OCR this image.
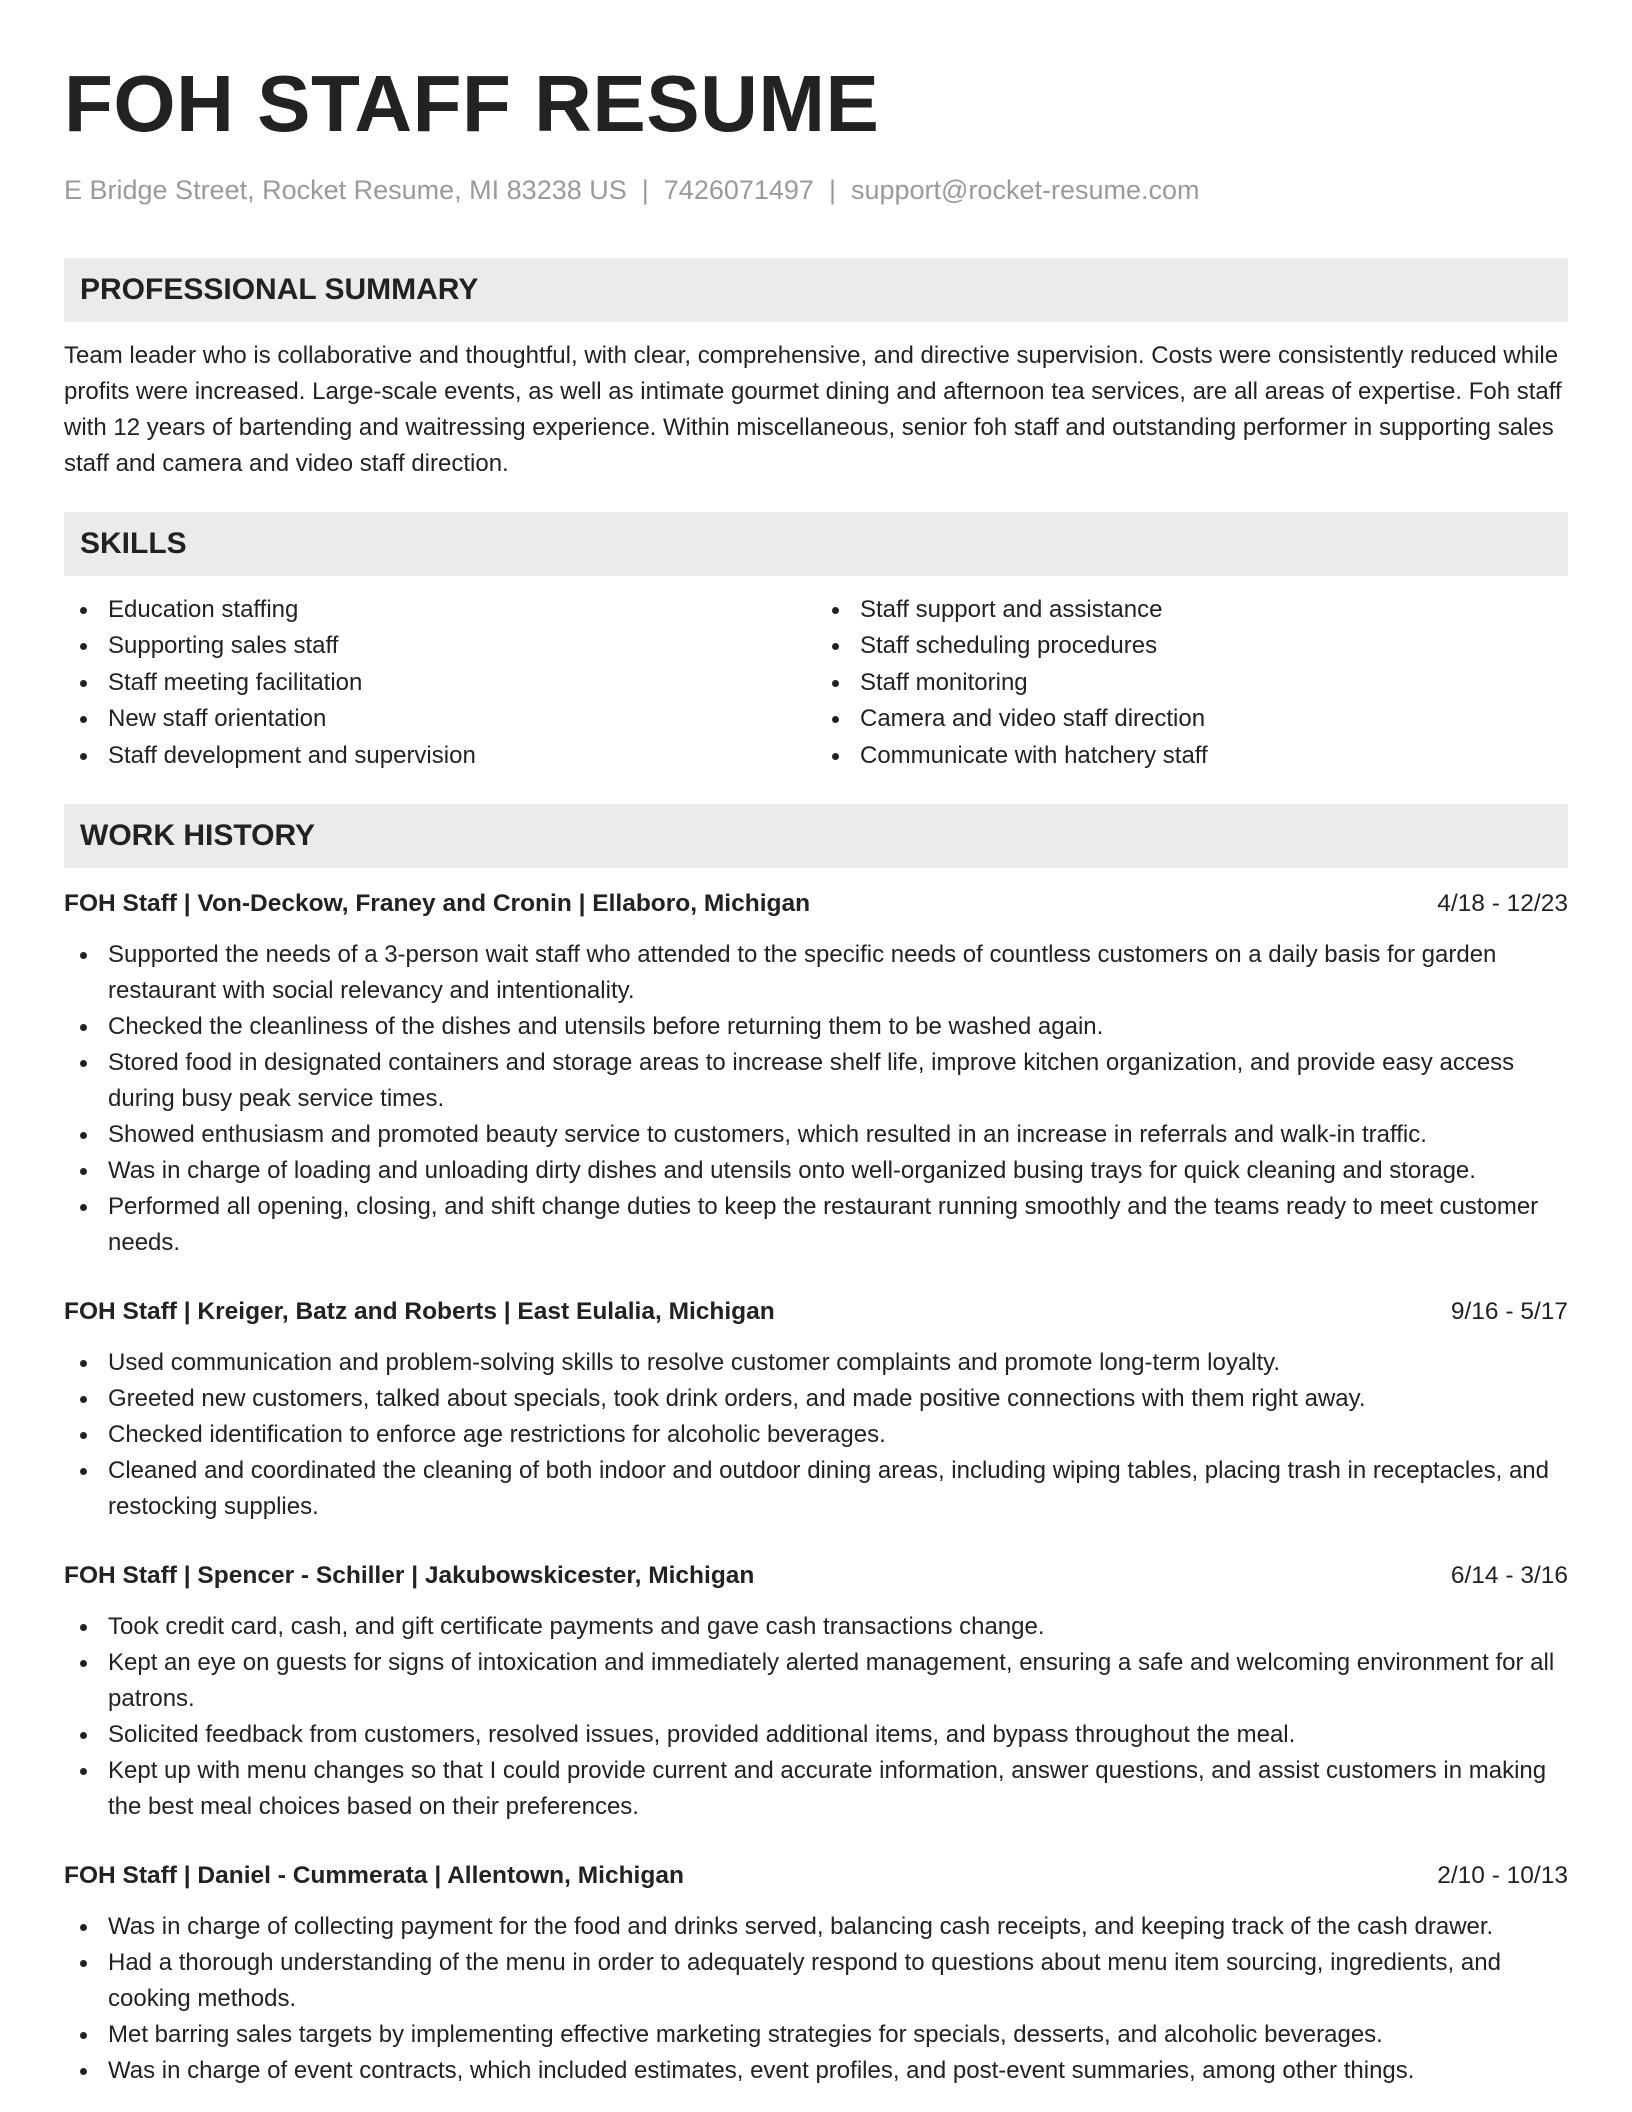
FOH STAFF RESUME
E Bridge Street, Rocket Resume, MI 83238 US | 7426071497 | support@rocket-resume.com
PROFESSIONAL SUMMARY
Team leader who is collaborative and thoughtful, with clear, comprehensive, and directive supervision. Costs were consistently reduced while profits were increased. Large-scale events, as well as intimate gourmet dining and afternoon tea services, are all areas of expertise. Foh staff with 12 years of bartending and waitressing experience. Within miscellaneous, senior foh staff and outstanding performer in supporting sales staff and camera and video staff direction.
SKILLS
Education staffing
Supporting sales staff
Staff meeting facilitation
New staff orientation
Staff development and supervision
Staff support and assistance
Staff scheduling procedures
Staff monitoring
Camera and video staff direction
Communicate with hatchery staff
WORK HISTORY
FOH Staff | Von-Deckow, Franey and Cronin | Ellaboro, Michigan	4/18 - 12/23
Supported the needs of a 3-person wait staff who attended to the specific needs of countless customers on a daily basis for garden restaurant with social relevancy and intentionality.
Checked the cleanliness of the dishes and utensils before returning them to be washed again.
Stored food in designated containers and storage areas to increase shelf life, improve kitchen organization, and provide easy access during busy peak service times.
Showed enthusiasm and promoted beauty service to customers, which resulted in an increase in referrals and walk-in traffic.
Was in charge of loading and unloading dirty dishes and utensils onto well-organized busing trays for quick cleaning and storage.
Performed all opening, closing, and shift change duties to keep the restaurant running smoothly and the teams ready to meet customer needs.
FOH Staff | Kreiger, Batz and Roberts | East Eulalia, Michigan	9/16 - 5/17
Used communication and problem-solving skills to resolve customer complaints and promote long-term loyalty.
Greeted new customers, talked about specials, took drink orders, and made positive connections with them right away.
Checked identification to enforce age restrictions for alcoholic beverages.
Cleaned and coordinated the cleaning of both indoor and outdoor dining areas, including wiping tables, placing trash in receptacles, and restocking supplies.
FOH Staff | Spencer - Schiller | Jakubowskicester, Michigan	6/14 - 3/16
Took credit card, cash, and gift certificate payments and gave cash transactions change.
Kept an eye on guests for signs of intoxication and immediately alerted management, ensuring a safe and welcoming environment for all patrons.
Solicited feedback from customers, resolved issues, provided additional items, and bypass throughout the meal.
Kept up with menu changes so that I could provide current and accurate information, answer questions, and assist customers in making the best meal choices based on their preferences.
FOH Staff | Daniel - Cummerata | Allentown, Michigan	2/10 - 10/13
Was in charge of collecting payment for the food and drinks served, balancing cash receipts, and keeping track of the cash drawer.
Had a thorough understanding of the menu in order to adequately respond to questions about menu item sourcing, ingredients, and cooking methods.
Met barring sales targets by implementing effective marketing strategies for specials, desserts, and alcoholic beverages.
Was in charge of event contracts, which included estimates, event profiles, and post-event summaries, among other things.
